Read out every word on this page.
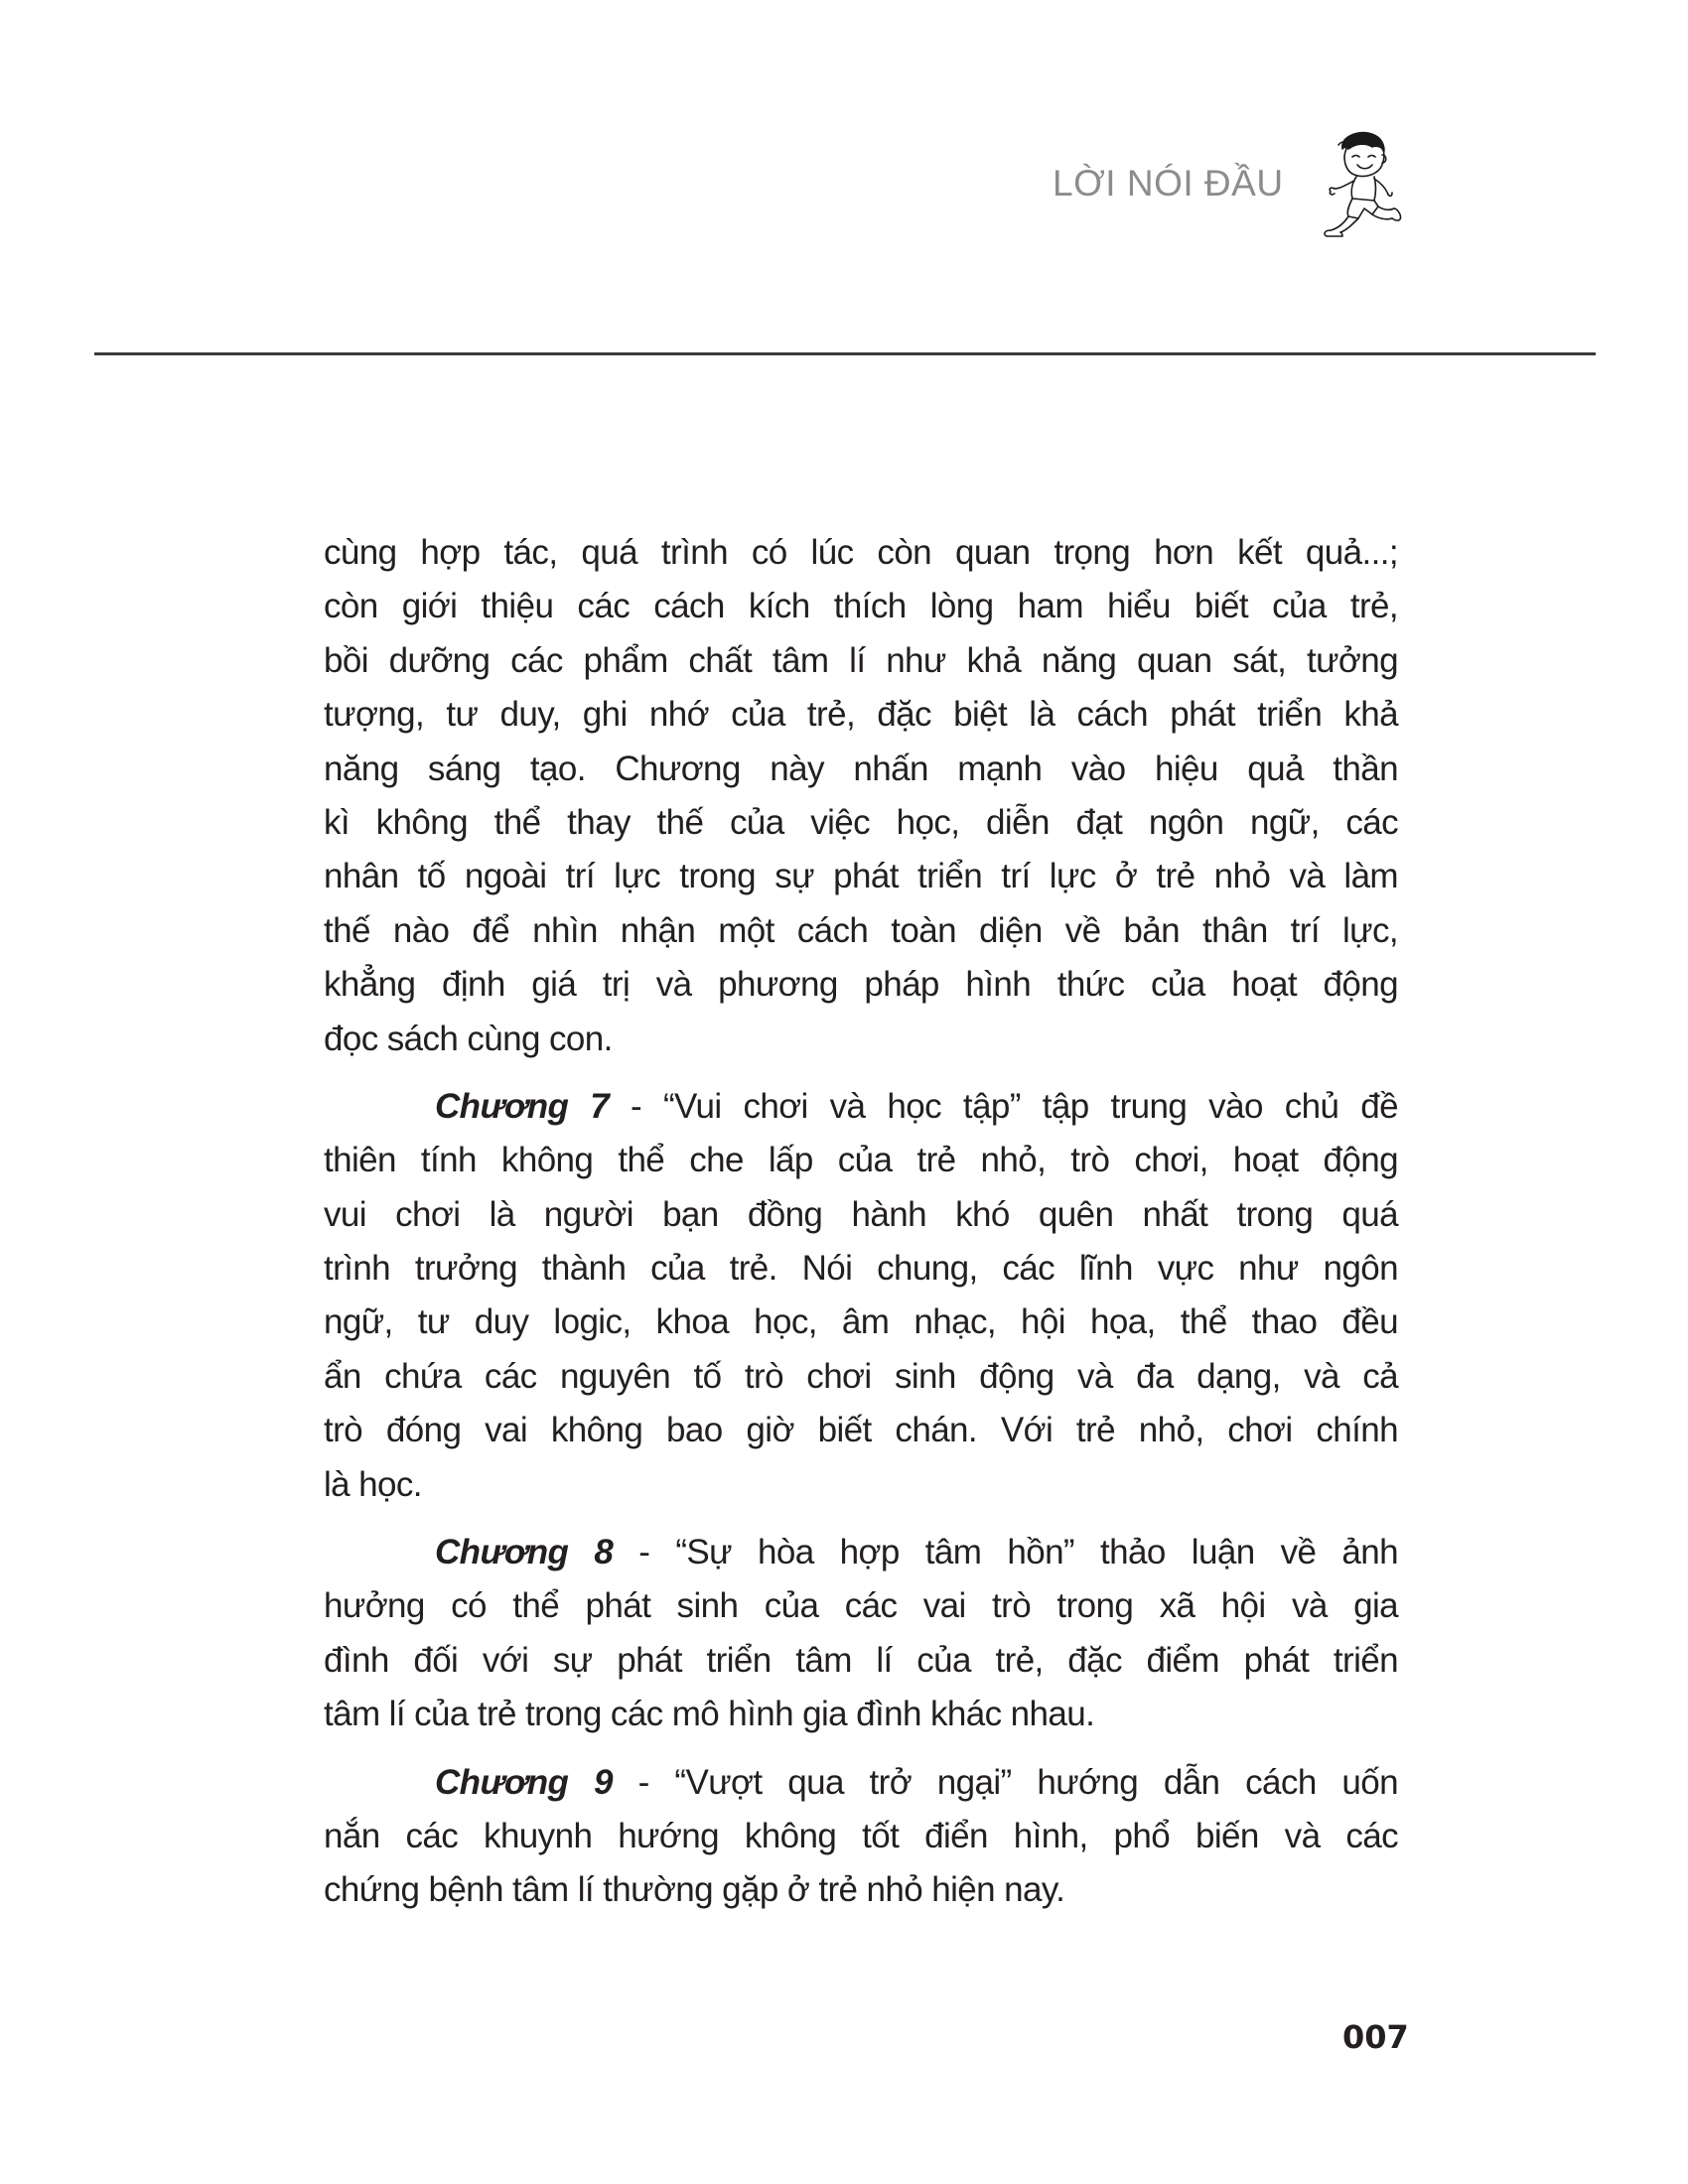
LỜI NÓI ĐẦU
cùng hợp tác, quá trình có lúc còn quan trọng hơn kết quả...;
còn giới thiệu các cách kích thích lòng ham hiểu biết của trẻ,
bồi dưỡng các phẩm chất tâm lí như khả năng quan sát, tưởng
tượng, tư duy, ghi nhớ của trẻ, đặc biệt là cách phát triển khả
năng sáng tạo. Chương này nhấn mạnh vào hiệu quả thần
kì không thể thay thế của việc học, diễn đạt ngôn ngữ, các
nhân tố ngoài trí lực trong sự phát triển trí lực ở trẻ nhỏ và làm
thế nào để nhìn nhận một cách toàn diện về bản thân trí lực,
khẳng định giá trị và phương pháp hình thức của hoạt động
đọc sách cùng con.
Chương 7 - “Vui chơi và học tập” tập trung vào chủ đề
thiên tính không thể che lấp của trẻ nhỏ, trò chơi, hoạt động
vui chơi là người bạn đồng hành khó quên nhất trong quá
trình trưởng thành của trẻ. Nói chung, các lĩnh vực như ngôn
ngữ, tư duy logic, khoa học, âm nhạc, hội họa, thể thao đều
ẩn chứa các nguyên tố trò chơi sinh động và đa dạng, và cả
trò đóng vai không bao giờ biết chán. Với trẻ nhỏ, chơi chính
là học.
Chương 8 - “Sự hòa hợp tâm hồn” thảo luận về ảnh
hưởng có thể phát sinh của các vai trò trong xã hội và gia
đình đối với sự phát triển tâm lí của trẻ, đặc điểm phát triển
tâm lí của trẻ trong các mô hình gia đình khác nhau.
Chương 9 - “Vượt qua trở ngại” hướng dẫn cách uốn
nắn các khuynh hướng không tốt điển hình, phổ biến và các
chứng bệnh tâm lí thường gặp ở trẻ nhỏ hiện nay.
007
